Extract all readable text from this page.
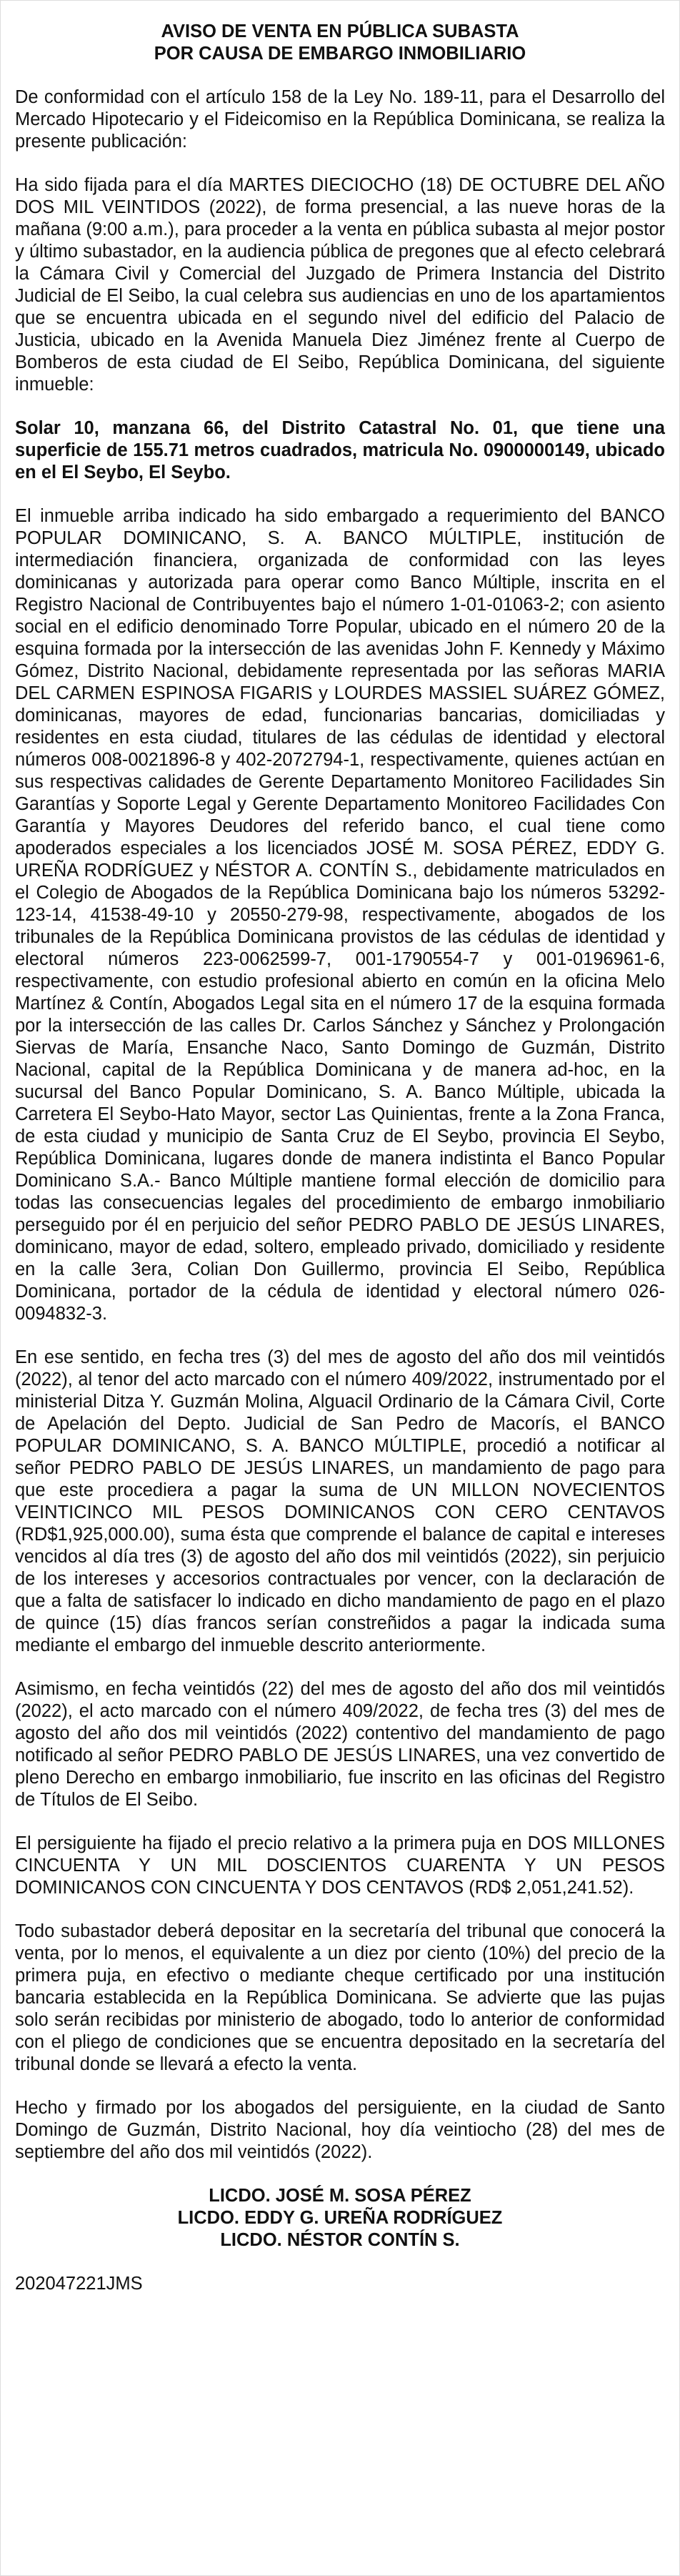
AVISO DE VENTA EN PÚBLICA SUBASTA
POR CAUSA DE EMBARGO INMOBILIARIO

De conformidad con el artículo 158 de la Ley No. 189-11, para el Desarrollo del Mercado Hipotecario y el Fideicomiso en la República Dominicana, se realiza la presente publicación:

Ha sido fijada para el día MARTES DIECIOCHO (18) DE OCTUBRE DEL AÑO DOS MIL VEINTIDOS (2022), de forma presencial, a las nueve horas de la mañana (9:00 a.m.), para proceder a la venta en pública subasta al mejor postor y último subastador, en la audiencia pública de pregones que al efecto celebrará la Cámara Civil y Comercial del Juzgado de Primera Instancia del Distrito Judicial de El Seibo, la cual celebra sus audiencias en uno de los apartamientos que se encuentra ubicada en el segundo nivel del edificio del Palacio de Justicia, ubicado en la Avenida Manuela Diez Jiménez frente al Cuerpo de Bomberos de esta ciudad de El Seibo, República Dominicana, del siguiente inmueble:

Solar 10, manzana 66, del Distrito Catastral No. 01, que tiene una superficie de 155.71 metros cuadrados, matricula No. 0900000149, ubicado en el El Seybo, El Seybo.

El inmueble arriba indicado ha sido embargado a requerimiento del BANCO POPULAR DOMINICANO, S. A. BANCO MÚLTIPLE, institución de intermediación financiera, organizada de conformidad con las leyes dominicanas y autorizada para operar como Banco Múltiple, inscrita en el Registro Nacional de Contribuyentes bajo el número 1-01-01063-2; con asiento social en el edificio denominado Torre Popular, ubicado en el número 20 de la esquina formada por la intersección de las avenidas John F. Kennedy y Máximo Gómez, Distrito Nacional, debidamente representada por las señoras MARIA DEL CARMEN ESPINOSA FIGARIS y LOURDES MASSIEL SUÁREZ GÓMEZ, dominicanas, mayores de edad, funcionarias bancarias, domiciliadas y residentes en esta ciudad, titulares de las cédulas de identidad y electoral números 008-0021896-8 y 402-2072794-1, respectivamente, quienes actúan en sus respectivas calidades de Gerente Departamento Monitoreo Facilidades Sin Garantías y Soporte Legal y Gerente Departamento Monitoreo Facilidades Con Garantía y Mayores Deudores del referido banco, el cual tiene como apoderados especiales a los licenciados JOSÉ M. SOSA PÉREZ, EDDY G. UREÑA RODRÍGUEZ y NÉSTOR A. CONTÍN S., debidamente matriculados en el Colegio de Abogados de la República Dominicana bajo los números 53292-123-14, 41538-49-10 y 20550-279-98, respectivamente, abogados de los tribunales de la República Dominicana provistos de las cédulas de identidad y electoral números 223-0062599-7, 001-1790554-7 y 001-0196961-6, respectivamente, con estudio profesional abierto en común en la oficina Melo Martínez & Contín, Abogados Legal sita en el número 17 de la esquina formada por la intersección de las calles Dr. Carlos Sánchez y Sánchez y Prolongación Siervas de María, Ensanche Naco, Santo Domingo de Guzmán, Distrito Nacional, capital de la República Dominicana y de manera ad-hoc, en la sucursal del Banco Popular Dominicano, S. A. Banco Múltiple, ubicada la Carretera El Seybo-Hato Mayor, sector Las Quinientas, frente a la Zona Franca, de esta ciudad y municipio de Santa Cruz de El Seybo, provincia El Seybo, República Dominicana, lugares donde de manera indistinta el Banco Popular Dominicano S.A.- Banco Múltiple mantiene formal elección de domicilio para todas las consecuencias legales del procedimiento de embargo inmobiliario perseguido por él en perjuicio del señor PEDRO PABLO DE JESÚS LINARES, dominicano, mayor de edad, soltero, empleado privado, domiciliado y residente en la calle 3era, Colian Don Guillermo, provincia El Seibo, República Dominicana, portador de la cédula de identidad y electoral número 026-0094832-3.

En ese sentido, en fecha tres (3) del mes de agosto del año dos mil veintidós (2022), al tenor del acto marcado con el número 409/2022, instrumentado por el ministerial Ditza Y. Guzmán Molina, Alguacil Ordinario de la Cámara Civil, Corte de Apelación del Depto. Judicial de San Pedro de Macorís, el BANCO POPULAR DOMINICANO, S. A. BANCO MÚLTIPLE, procedió a notificar al señor PEDRO PABLO DE JESÚS LINARES, un mandamiento de pago para que este procediera a pagar la suma de UN MILLON NOVECIENTOS VEINTICINCO MIL PESOS DOMINICANOS CON CERO CENTAVOS (RD$1,925,000.00), suma ésta que comprende el balance de capital e intereses vencidos al día tres (3) de agosto del año dos mil veintidós (2022), sin perjuicio de los intereses y accesorios contractuales por vencer, con la declaración de que a falta de satisfacer lo indicado en dicho mandamiento de pago en el plazo de quince (15) días francos serían constreñidos a pagar la indicada suma mediante el embargo del inmueble descrito anteriormente.

Asimismo, en fecha veintidós (22) del mes de agosto del año dos mil veintidós (2022), el acto marcado con el número 409/2022, de fecha tres (3) del mes de agosto del año dos mil veintidós (2022) contentivo del mandamiento de pago notificado al señor PEDRO PABLO DE JESÚS LINARES, una vez convertido de pleno Derecho en embargo inmobiliario, fue inscrito en las oficinas del Registro de Títulos de El Seibo.

El persiguiente ha fijado el precio relativo a la primera puja en DOS MILLONES CINCUENTA Y UN MIL DOSCIENTOS CUARENTA Y UN PESOS DOMINICANOS CON CINCUENTA Y DOS CENTAVOS (RD$ 2,051,241.52).

Todo subastador deberá depositar en la secretaría del tribunal que conocerá la venta, por lo menos, el equivalente a un diez por ciento (10%) del precio de la primera puja, en efectivo o mediante cheque certificado por una institución bancaria establecida en la República Dominicana. Se advierte que las pujas solo serán recibidas por ministerio de abogado, todo lo anterior de conformidad con el pliego de condiciones que se encuentra depositado en la secretaría del tribunal donde se llevará a efecto la venta.

Hecho y firmado por los abogados del persiguiente, en la ciudad de Santo Domingo de Guzmán, Distrito Nacional, hoy día veintiocho (28) del mes de septiembre del año dos mil veintidós (2022).

LICDO. JOSÉ M. SOSA PÉREZ
LICDO. EDDY G. UREÑA RODRÍGUEZ
LICDO. NÉSTOR CONTÍN S.
202047221JMS
